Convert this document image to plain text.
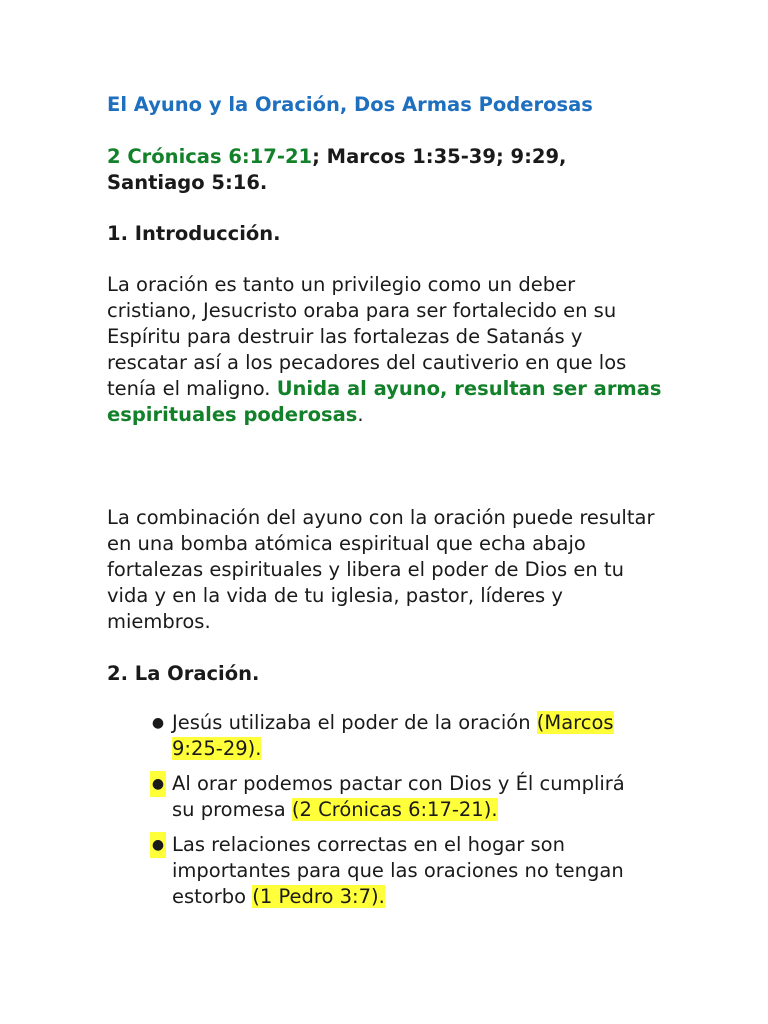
El Ayuno y la Oración, Dos Armas Poderosas
2 Crónicas 6:17-21; Marcos 1:35-39; 9:29, Santiago 5:16.
1. Introducción.

La oración es tanto un privilegio como un deber cristiano, Jesucristo oraba para ser fortalecido en su Espíritu para destruir las fortalezas de Satanás y rescatar así a los pecadores del cautiverio en que los tenía el maligno. Unida al ayuno, resultan ser armas espirituales poderosas.

La combinación del ayuno con la oración puede resultar en una bomba atómica espiritual que echa abajo fortalezas espirituales y libera el poder de Dios en tu vida y en la vida de tu iglesia, pastor, líderes y miembros.

2. La Oración.
● Jesús utilizaba el poder de la oración (Marcos 9:25-29).
● Al orar podemos pactar con Dios y Él cumplirá su promesa (2 Crónicas 6:17-21).
● Las relaciones correctas en el hogar son importantes para que las oraciones no tengan estorbo (1 Pedro 3:7).
